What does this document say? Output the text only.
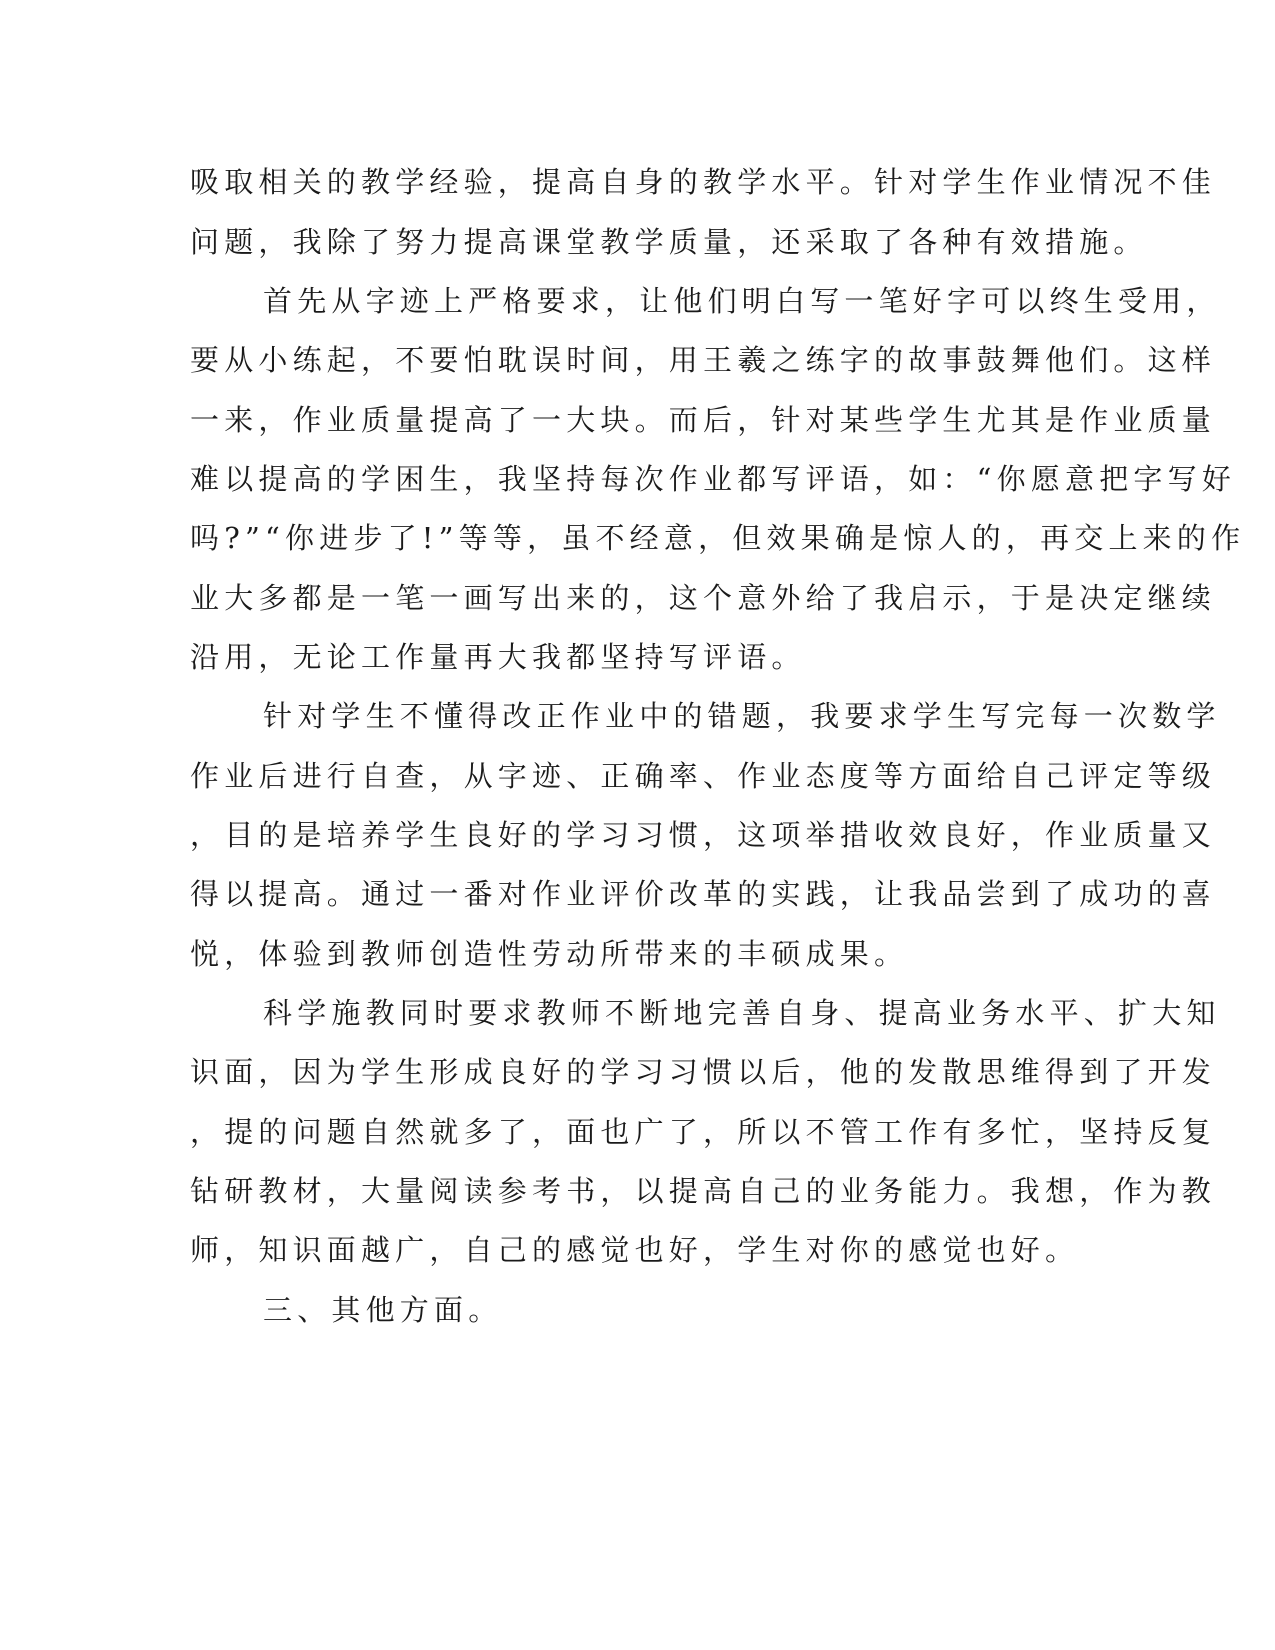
吸取相关的教学经验，提高自身的教学水平。针对学生作业情况不佳
问题，我除了努力提高课堂教学质量，还采取了各种有效措施。
首先从字迹上严格要求，让他们明白写一笔好字可以终生受用，
要从小练起，不要怕耽误时间，用王羲之练字的故事鼓舞他们。这样
一来，作业质量提高了一大块。而后，针对某些学生尤其是作业质量
难以提高的学困生，我坚持每次作业都写评语，如：“你愿意把字写好
吗?”“你进步了!”等等，虽不经意，但效果确是惊人的，再交上来的作
业大多都是一笔一画写出来的，这个意外给了我启示，于是决定继续
沿用，无论工作量再大我都坚持写评语。
针对学生不懂得改正作业中的错题，我要求学生写完每一次数学
作业后进行自查，从字迹、正确率、作业态度等方面给自己评定等级
，目的是培养学生良好的学习习惯，这项举措收效良好，作业质量又
得以提高。通过一番对作业评价改革的实践，让我品尝到了成功的喜
悦，体验到教师创造性劳动所带来的丰硕成果。
科学施教同时要求教师不断地完善自身、提高业务水平、扩大知
识面，因为学生形成良好的学习习惯以后，他的发散思维得到了开发
，提的问题自然就多了，面也广了，所以不管工作有多忙，坚持反复
钻研教材，大量阅读参考书，以提高自己的业务能力。我想，作为教
师，知识面越广，自己的感觉也好，学生对你的感觉也好。
三、其他方面。
